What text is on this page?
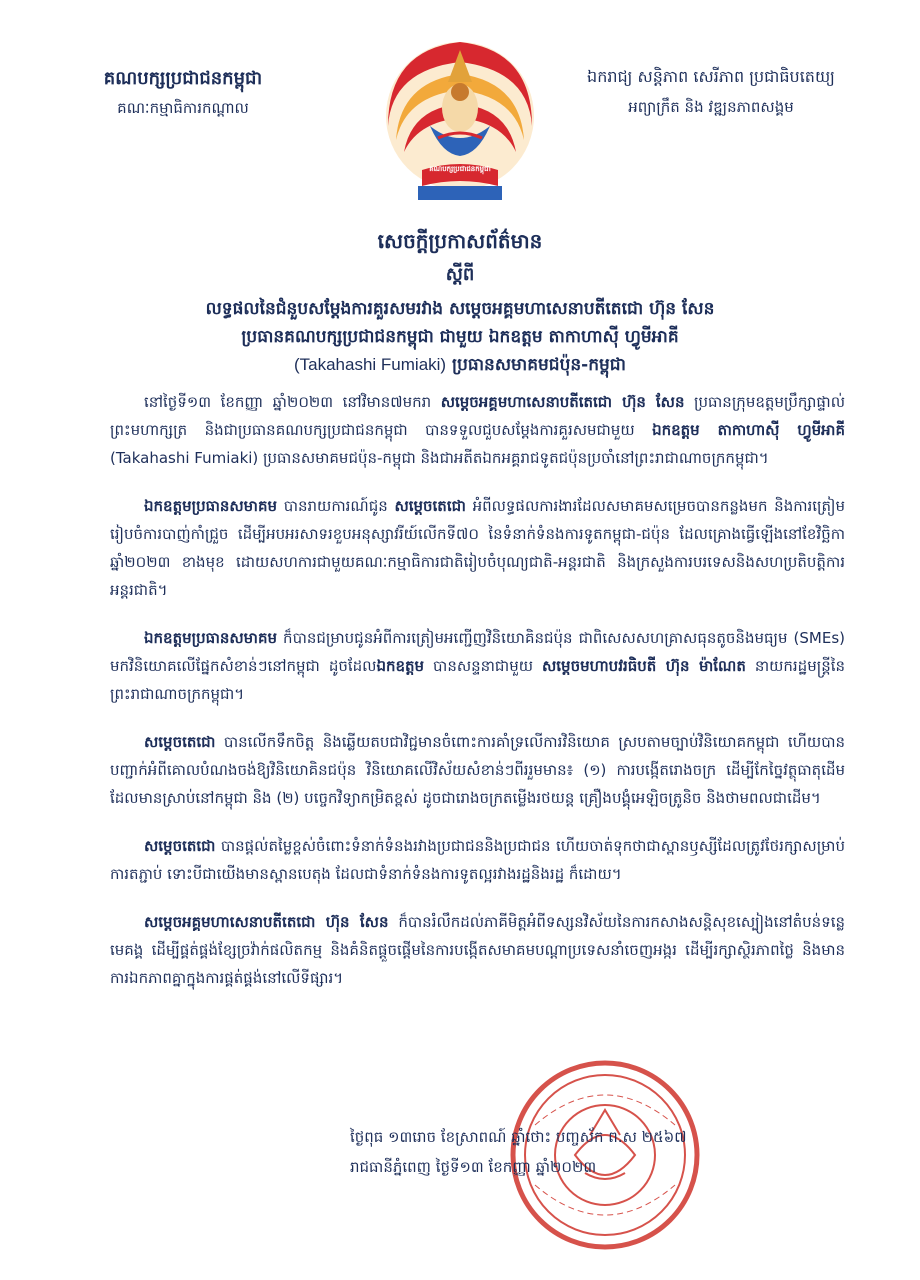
គណបក្សប្រជាជនកម្ពុជា
គណៈកម្មាធិការកណ្តាល
គណបក្សប្រជាជនកម្ពុជា
ឯករាជ្យ សន្តិភាព សេរីភាព ប្រជាធិបតេយ្យ
អព្យាក្រឹត និង វឌ្ឍនភាពសង្គម
សេចក្តីប្រកាសព័ត៌មាន
ស្តីពី
លទ្ធផលនៃជំនួបសម្តែងការគួរសមរវាង សម្តេចអគ្គមហាសេនាបតីតេជោ ហ៊ុន សែន
ប្រធានគណបក្សប្រជាជនកម្ពុជា ជាមួយ ឯកឧត្តម តាកាហាស៊ី ហ្វូមីអាគី
(Takahashi Fumiaki) ប្រធានសមាគមជប៉ុន-កម្ពុជា

នៅថ្ងៃទី១៣ ខែកញ្ញា ឆ្នាំ២០២៣ នៅវិមាន៧មករា សម្តេចអគ្គមហាសេនាបតីតេជោ ហ៊ុន សែន ប្រធានក្រុមឧត្តមប្រឹក្សាផ្ទាល់ព្រះមហាក្សត្រ និងជាប្រធានគណបក្សប្រជាជនកម្ពុជា បានទទួលជួបសម្តែងការគួរសមជាមួយ ឯកឧត្តម តាកាហាស៊ី ហ្វូមីអាគី (Takahashi Fumiaki) ប្រធានសមាគមជប៉ុន-កម្ពុជា និងជាអតីតឯកអគ្គរាជទូតជប៉ុនប្រចាំនៅព្រះរាជាណាចក្រកម្ពុជា។

ឯកឧត្តមប្រធានសមាគម បានរាយការណ៍ជូន សម្តេចតេជោ អំពីលទ្ធផលការងារដែលសមាគមសម្រេចបានកន្លងមក និងការត្រៀមរៀបចំការបាញ់កាំជ្រួច ដើម្បីអបអរសាទរខួបអនុស្សាវរីយ៍លើកទី៧០ នៃទំនាក់ទំនងការទូតកម្ពុជា-ជប៉ុន ដែលគ្រោងធ្វើឡើងនៅខែវិច្ឆិកា ឆ្នាំ២០២៣ ខាងមុខ ដោយសហការជាមួយគណៈកម្មាធិការជាតិរៀបចំបុណ្យជាតិ-អន្តរជាតិ និងក្រសួងការបរទេសនិងសហប្រតិបត្តិការអន្តរជាតិ។

ឯកឧត្តមប្រធានសមាគម ក៏បានជម្រាបជូនអំពីការត្រៀមអញ្ជើញវិនិយោគិនជប៉ុន ជាពិសេសសហគ្រាសធុនតូចនិងមធ្យម (SMEs) មកវិនិយោគលើផ្នែកសំខាន់ៗនៅកម្ពុជា ដូចដែលឯកឧត្តម បានសន្ទនាជាមួយ សម្តេចមហាបវរធិបតី ហ៊ុន ម៉ាណែត នាយករដ្ឋមន្ត្រីនៃព្រះរាជាណាចក្រកម្ពុជា។

សម្តេចតេជោ បានលើកទឹកចិត្ត និងឆ្លើយតបជាវិជ្ជមានចំពោះការគាំទ្រលើការវិនិយោគ ស្របតាមច្បាប់វិនិយោគកម្ពុជា ហើយបានបញ្ជាក់អំពីគោលបំណងចង់ឱ្យវិនិយោគិនជប៉ុន វិនិយោគលើវិស័យសំខាន់ៗពីររួមមាន៖ (១) ការបង្កើតរោងចក្រ ដើម្បីកែច្នៃវត្ថុធាតុដើមដែលមានស្រាប់នៅកម្ពុជា និង (២) បច្ចេកវិទ្យាកម្រិតខ្ពស់ ដូចជារោងចក្រតម្លើងរថយន្ត គ្រឿងបង្គុំអេឡិចត្រូនិច និងថាមពលជាដើម។

សម្តេចតេជោ បានផ្តល់តម្លៃខ្ពស់ចំពោះទំនាក់ទំនងរវាងប្រជាជននិងប្រជាជន ហើយចាត់ទុកថាជាស្ពានឫស្សីដែលត្រូវថែរក្សាសម្រាប់ការតភ្ជាប់ ទោះបីជាយើងមានស្ពានបេតុង ដែលជាទំនាក់ទំនងការទូតល្អរវាងរដ្ឋនិងរដ្ឋ ក៏ដោយ។

សម្តេចអគ្គមហាសេនាបតីតេជោ ហ៊ុន សែន ក៏បានរំលឹកដល់ភាគីមិត្តអំពីទស្សនវិស័យនៃការកសាងសន្តិសុខស្បៀងនៅតំបន់ទន្លេមេគង្គ ដើម្បីផ្គត់ផ្គង់ខ្សែច្រវ៉ាក់ផលិតកម្ម និងគំនិតផ្តួចផ្តើមនៃការបង្កើតសមាគមបណ្តាប្រទេសនាំចេញអង្ករ ដើម្បីរក្សាស្ថិរភាពថ្លៃ និងមានការឯកភាពគ្នាក្នុងការផ្គត់ផ្គង់នៅលើទីផ្សារ។

ថ្ងៃពុធ ១៣រោច ខែស្រាពណ៍ ឆ្នាំថោះ បញ្ចស័ក ព.ស ២៥៦៧
រាជធានីភ្នំពេញ ថ្ងៃទី១៣ ខែកញ្ញា ឆ្នាំ២០២៣
